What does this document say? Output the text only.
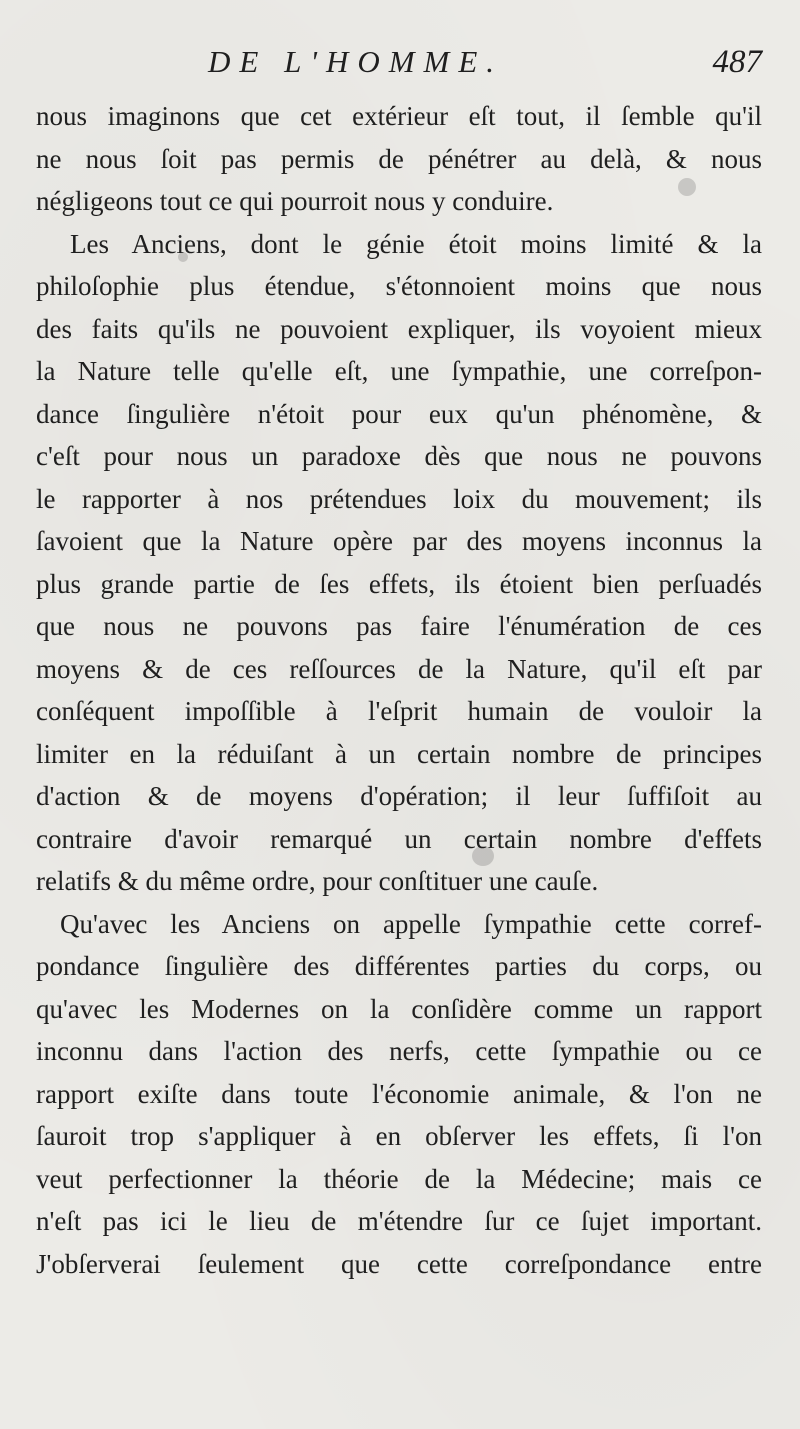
DE L'HOMME.	487
nous imaginons que cet extérieur eſt tout, il ſemble qu'il
ne nous ſoit pas permis de pénétrer au delà, & nous
négligeons tout ce qui pourroit nous y conduire.
Les Anciens, dont le génie étoit moins limité & la
philoſophie plus étendue, s'étonnoient moins que nous
des faits qu'ils ne pouvoient expliquer, ils voyoient mieux
la Nature telle qu'elle eſt, une ſympathie, une correſpon-
dance ſingulière n'étoit pour eux qu'un phénomène, &
c'eſt pour nous un paradoxe dès que nous ne pouvons
le rapporter à nos prétendues loix du mouvement; ils
ſavoient que la Nature opère par des moyens inconnus la
plus grande partie de ſes effets, ils étoient bien perſuadés
que nous ne pouvons pas faire l'énumération de ces
moyens & de ces reſſources de la Nature, qu'il eſt par
conſéquent impoſſible à l'eſprit humain de vouloir la
limiter en la réduiſant à un certain nombre de principes
d'action & de moyens d'opération; il leur ſuffiſoit au
contraire d'avoir remarqué un certain nombre d'effets
relatifs & du même ordre, pour conſtituer une cauſe.
Qu'avec les Anciens on appelle ſympathie cette corref-
pondance ſingulière des différentes parties du corps, ou
qu'avec les Modernes on la conſidère comme un rapport
inconnu dans l'action des nerfs, cette ſympathie ou ce
rapport exiſte dans toute l'économie animale, & l'on ne
ſauroit trop s'appliquer à en obſerver les effets, ſi l'on
veut perfectionner la théorie de la Médecine; mais ce
n'eſt pas ici le lieu de m'étendre ſur ce ſujet important.
J'obſerverai ſeulement que cette correſpondance entre
